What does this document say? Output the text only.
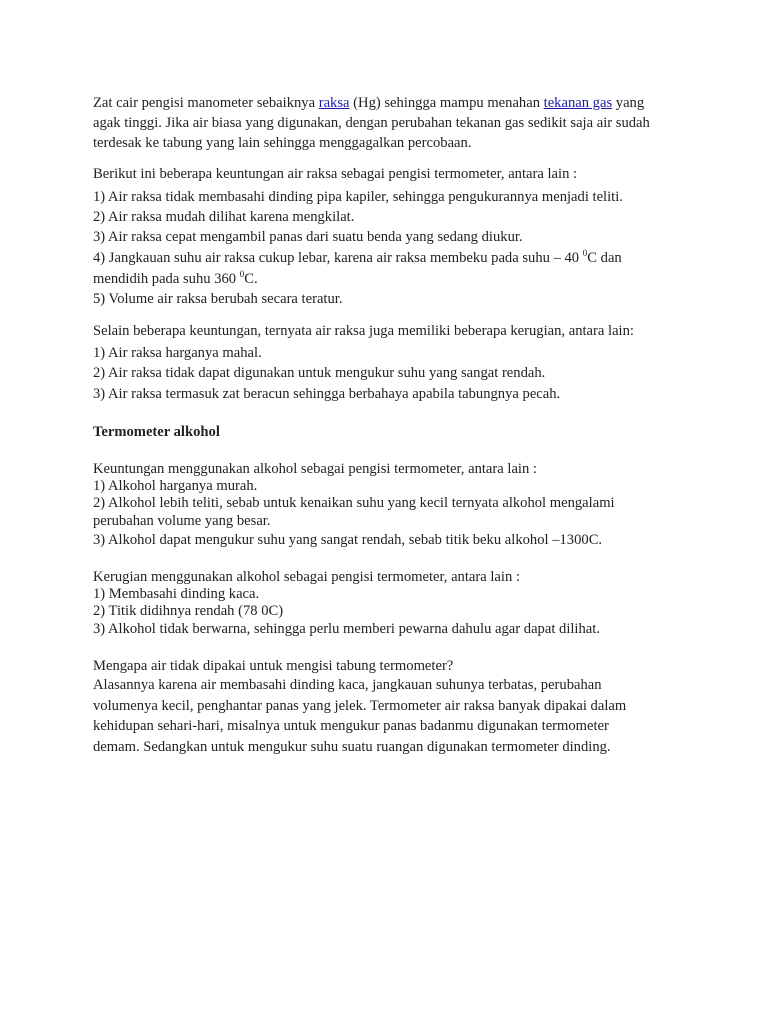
Zat cair pengisi manometer sebaiknya raksa (Hg) sehingga mampu menahan tekanan gas yang
agak tinggi. Jika air biasa yang digunakan, dengan perubahan tekanan gas sedikit saja air sudah
terdesak ke tabung yang lain sehingga menggagalkan percobaan.
Berikut ini beberapa keuntungan air raksa sebagai pengisi termometer, antara lain :
1) Air raksa tidak membasahi dinding pipa kapiler, sehingga pengukurannya menjadi teliti.
2) Air raksa mudah dilihat karena mengkilat.
3) Air raksa cepat mengambil panas dari suatu benda yang sedang diukur.
4) Jangkauan suhu air raksa cukup lebar, karena air raksa membeku pada suhu – 40 $^0$C dan
mendidih pada suhu 360 $^0$C.
5) Volume air raksa berubah secara teratur.
Selain beberapa keuntungan, ternyata air raksa juga memiliki beberapa kerugian, antara lain:
1) Air raksa harganya mahal.
2) Air raksa tidak dapat digunakan untuk mengukur suhu yang sangat rendah.
3) Air raksa termasuk zat beracun sehingga berbahaya apabila tabungnya pecah.
Termometer alkohol
Keuntungan menggunakan alkohol sebagai pengisi termometer, antara lain :
1) Alkohol harganya murah.
2) Alkohol lebih teliti, sebab untuk kenaikan suhu yang kecil ternyata alkohol mengalami
perubahan volume yang besar.
3) Alkohol dapat mengukur suhu yang sangat rendah, sebab titik beku alkohol –1300C.
Kerugian menggunakan alkohol sebagai pengisi termometer, antara lain :
1) Membasahi dinding kaca.
2) Titik didihnya rendah (78 0C)
3) Alkohol tidak berwarna, sehingga perlu memberi pewarna dahulu agar dapat dilihat.
Mengapa air tidak dipakai untuk mengisi tabung termometer?
Alasannya karena air membasahi dinding kaca, jangkauan suhunya terbatas, perubahan
volumenya kecil, penghantar panas yang jelek. Termometer air raksa banyak dipakai dalam
kehidupan sehari-hari, misalnya untuk mengukur panas badanmu digunakan termometer
demam. Sedangkan untuk mengukur suhu suatu ruangan digunakan termometer dinding.
